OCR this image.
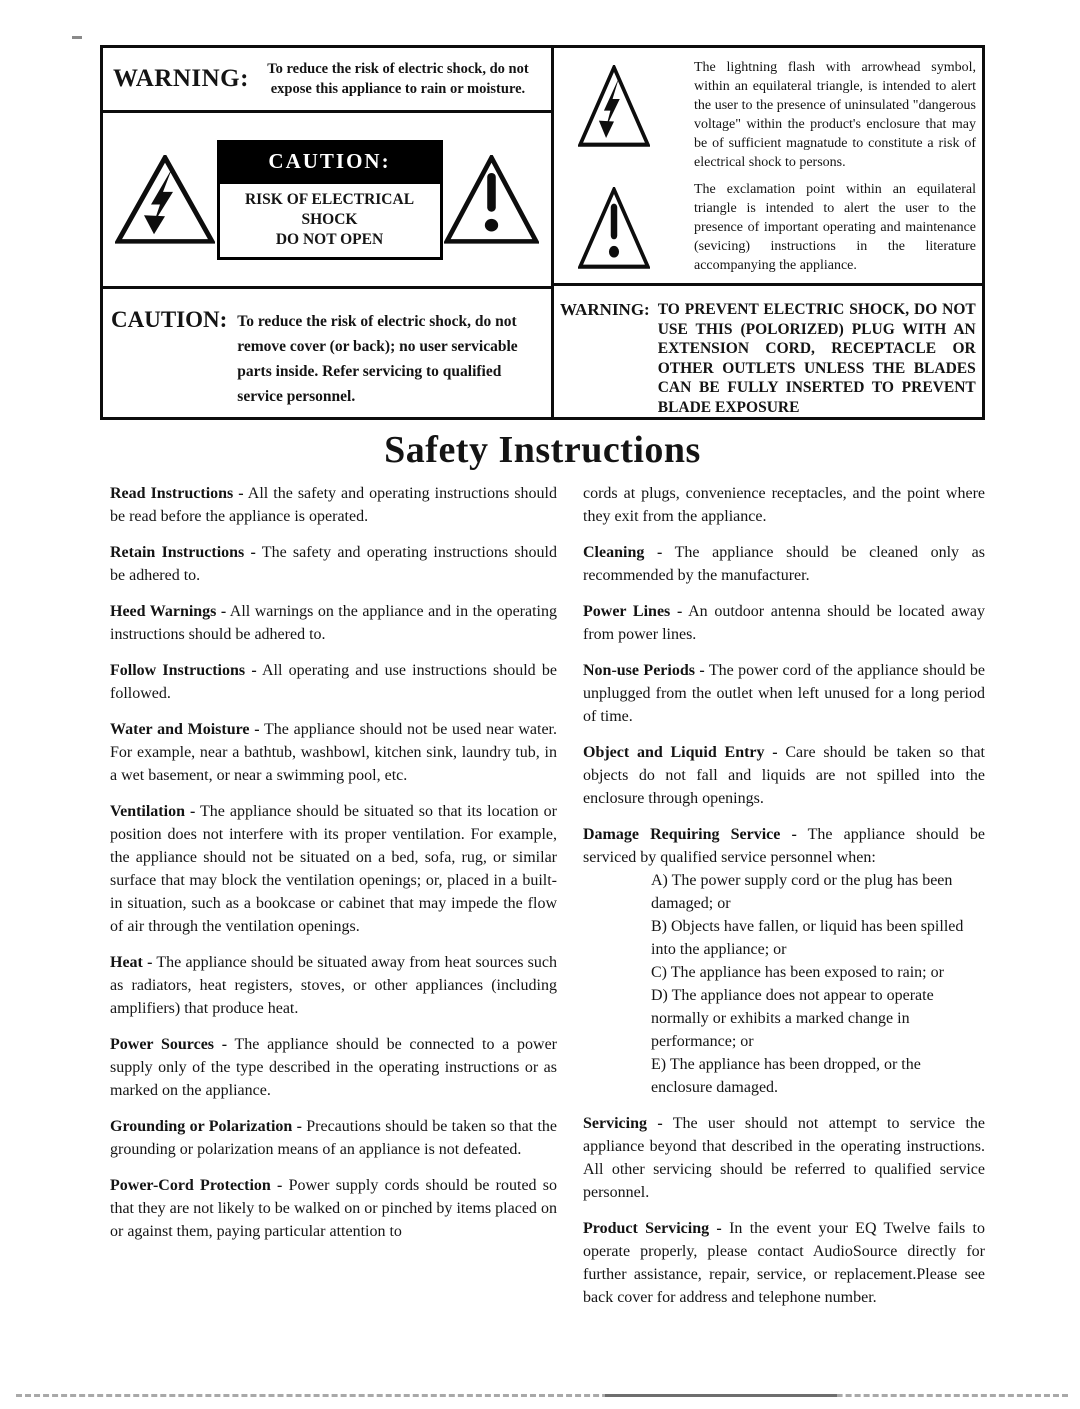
WARNING:	To reduce the risk of electric shock, do not expose this appliance to rain or moisture.
CAUTION:
RISK OF ELECTRICAL SHOCK
DO NOT OPEN
CAUTION: To reduce the risk of electric shock, do not remove cover (or back); no user servicable parts inside. Refer servicing to qualified service personnel.

The lightning flash with arrowhead symbol, within an equilateral triangle, is intended to alert the user to the presence of uninsulated "dangerous voltage" within the product's enclosure that may be of sufficient magnatude to constitute a risk of electrical shock to persons.

The exclamation point within an equilateral triangle is intended to alert the user to the presence of important operating and maintenance (sevicing) instructions in the literature accompanying the appliance.

WARNING: TO PREVENT ELECTRIC SHOCK, DO NOT USE THIS (POLORIZED) PLUG WITH AN EXTENSION CORD, RECEPTACLE OR OTHER OUTLETS UNLESS THE BLADES CAN BE FULLY INSERTED TO PREVENT BLADE EXPOSURE
Safety Instructions

Read Instructions - All the safety and operating instructions should be read before the appliance is operated.

Retain Instructions - The safety and operating instructions should be adhered to.

Heed Warnings - All warnings on the appliance and in the operating instructions should be adhered to.

Follow Instructions - All operating and use instructions should be followed.

Water and Moisture - The appliance should not be used near water. For example, near a bathtub, washbowl, kitchen sink, laundry tub, in a wet basement, or near a swimming pool, etc.

Ventilation - The appliance should be situated so that its location or position does not interfere with its proper ventilation. For example, the appliance should not be situated on a bed, sofa, rug, or similar surface that may block the ventilation openings; or, placed in a built-in situation, such as a bookcase or cabinet that may impede the flow of air through the ventilation openings.

Heat - The appliance should be situated away from heat sources such as radiators, heat registers, stoves, or other appliances (including amplifiers) that produce heat.

Power Sources - The appliance should be connected to a power supply only of the type described in the operating instructions or as marked on the appliance.

Grounding or Polarization - Precautions should be taken so that the grounding or polarization means of an appliance is not defeated.

Power-Cord Protection - Power supply cords should be routed so that they are not likely to be walked on or pinched by items placed on or against them, paying particular attention to

cords at plugs, convenience receptacles, and the point where they exit from the appliance.

Cleaning - The appliance should be cleaned only as recommended by the manufacturer.

Power Lines - An outdoor antenna should be located away from power lines.

Non-use Periods - The power cord of the appliance should be unplugged from the outlet when left unused for a long period of time.

Object and Liquid Entry - Care should be taken so that objects do not fall and liquids are not spilled into the enclosure through openings.

Damage Requiring Service - The appliance should be serviced by qualified service personnel when:

A) The power supply cord or the plug has been damaged; or

B) Objects have fallen, or liquid has been spilled into the appliance; or

C) The appliance has been exposed to rain; or

D) The appliance does not appear to operate normally or exhibits a marked change in performance; or

E) The appliance has been dropped, or the enclosure damaged.

Servicing - The user should not attempt to service the appliance beyond that described in the operating instructions. All other servicing should be referred to qualified service personnel.

Product Servicing - In the event your EQ Twelve fails to operate properly, please contact AudioSource directly for further assistance, repair, service, or replacement.Please see back cover for address and telephone number.
